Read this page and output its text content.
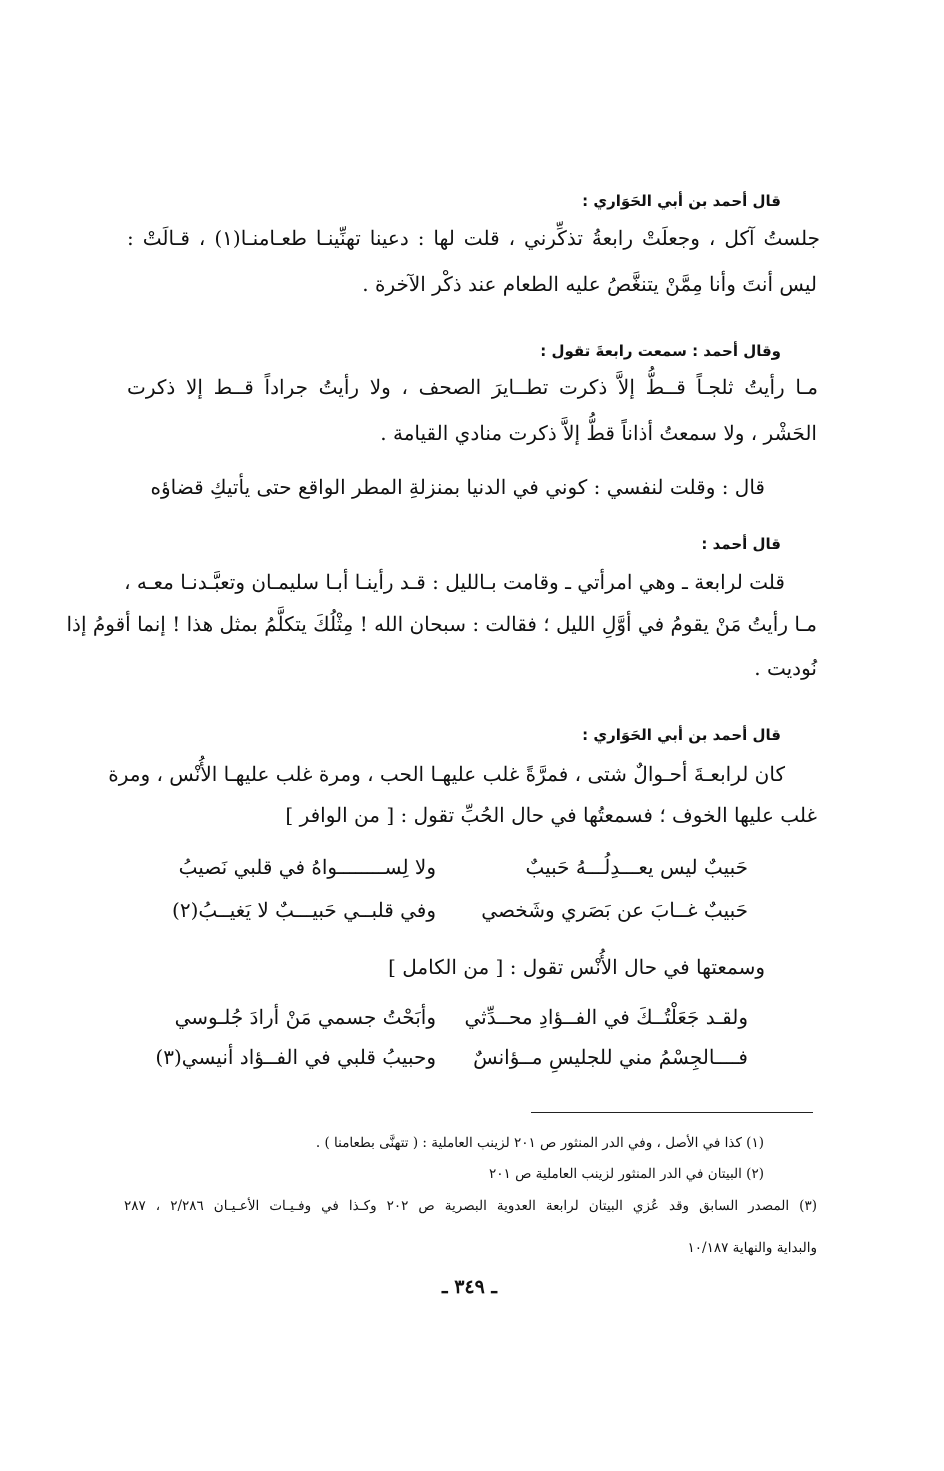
قال أحمد بن أبي الحَوَاري :
جلستُ آكل ، وجعلَتْ رابعةُ تذكِّرني ، قلت لها : دعينا تهنِّينـا طعـامنـا(١) ، قـالَتْ :
ليس أنتَ وأنا مِمَّنْ يتنغَّصُ عليه الطعام عند ذكْر الآخرة .
وقال أحمد : سمعت رابعةَ تقول :
مـا رأيتُ ثلجـاً قــطُّ إلاَّ ذكرت تطــايرَ الصحف ، ولا رأيتُ جراداً قــط إلا ذكرت
الحَشْر ، ولا سمعتُ أذاناً قطُّ إلاَّ ذكرت منادي القيامة .
قال : وقلت لنفسي : كوني في الدنيا بمنزلةِ المطر الواقع حتى يأتيكِ قضاؤه
قال أحمد :
قلت لرابعة ـ وهي امرأتي ـ وقامت بـالليل : قـد رأينـا أبـا سليمـان وتعبَّـدنـا معـه ،
مـا رأيتُ مَنْ يقومُ في أوَّلِ الليل ؛ فقالت : سبحان الله ! مِثْلُكَ يتكلَّمُ بمثل هذا ! إنما أقومُ إذا
نُوديت .
قال أحمد بن أبي الحَوَاري :
كان لرابعـةَ أحـوالٌ شتى ، فمرَّةً غلب عليهـا الحب ، ومرة غلب عليهـا الأُنْس ، ومرة
غلب عليها الخوف ؛ فسمعتُها في حال الحُبِّ تقول : [ من الوافر ]
حَبيبٌ ليس يعـــدِلُـــهُ حَبيبٌ
ولا لِســــــــواهُ في قلبي نَصيبُ
حَبيبٌ غــابَ عن بَصَري وشَخصي
وفي قلبــي حَبيـــبٌ لا يَغيــبُ(٢)
وسمعتها في حال الأُنْس تقول : [ من الكامل ]
ولقـد جَعَلْتُــكَ في الفــؤادِ محــدِّثي
وأبَحْتُ جسمي مَنْ أرادَ جُلـوسي
فــــالجِسْمُ مني للجليسِ مــؤانسٌ
وحبيبُ قلبي في الفــؤاد أنيسي(٣)
(١) كذا في الأصل ، وفي الدر المنثور ص ٢٠١ لزينب العاملية : ( تتهنَّى بطعامنا ) .
(٢) البيتان في الدر المنثور لزينب العاملية ص ٢٠١
(٣) المصدر السابق وقد عُزي البيتان لرابعة العدوية البصرية ص ٢٠٢ وكـذا في وفـيـات الأعـيـان ٢/٢٨٦ ، ٢٨٧
والبداية والنهاية ١٠/١٨٧
ـ ٣٤٩ ـ
